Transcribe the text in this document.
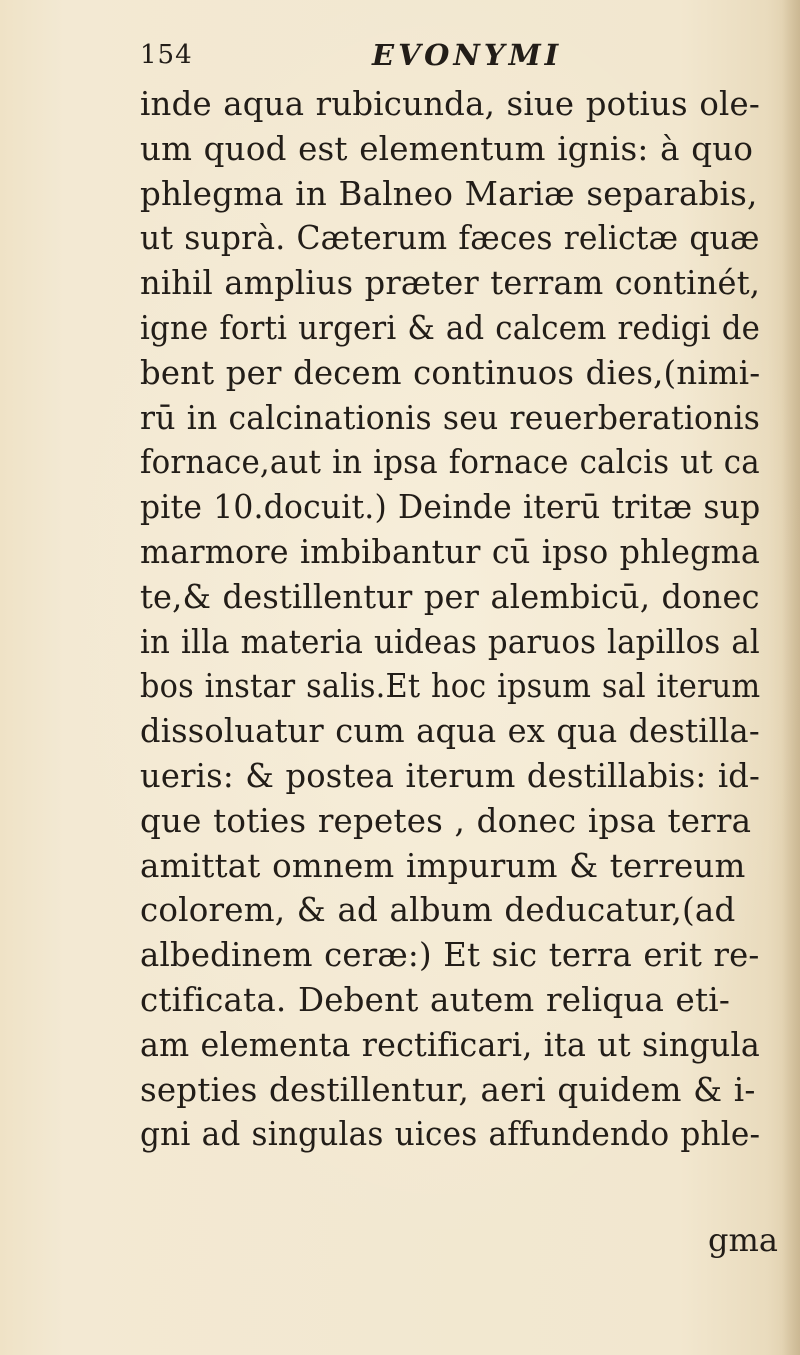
154	EVONYMI
inde aqua rubicunda, siue potius ole-
um quod est elementum ignis: à quo
phlegma in Balneo Mariæ separabis,
ut suprà. Cæterum fæces relictæ quæ
nihil amplius præter terram continét,
igne forti urgeri & ad calcem redigi de
bent per decem continuos dies,(nimi-
rū in calcinationis seu reuerberationis
fornace,aut in ipsa fornace calcis ut ca
pite 10.docuit.) Deinde iterū tritæ sup
marmore imbibantur cū ipso phlegma
te,& destillentur per alembicū, donec
in illa materia uideas paruos lapillos al
bos instar salis.Et hoc ipsum sal iterum
dissoluatur cum aqua ex qua destilla-
ueris: & postea iterum destillabis: id-
que toties repetes , donec ipsa terra
amittat omnem impurum & terreum
colorem, & ad album deducatur,(ad
albedinem ceræ:) Et sic terra erit re-
ctificata. Debent autem reliqua eti-
am elementa rectificari, ita ut singula
septies destillentur, aeri quidem & i-
gni ad singulas uices affundendo phle-
gma
